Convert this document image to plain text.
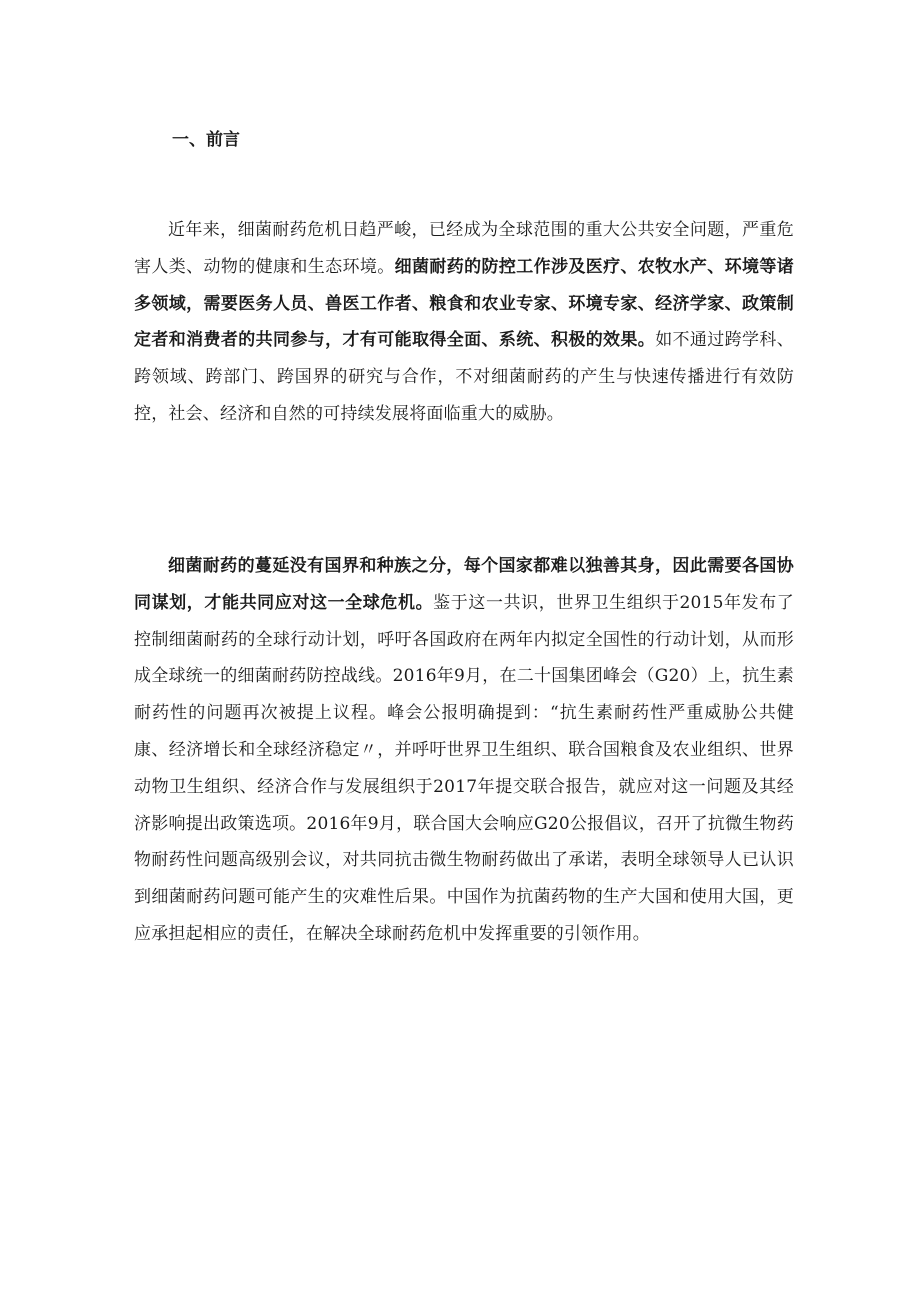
一、前言

近年来，细菌耐药危机日趋严峻，已经成为全球范围的重大公共安全问题，严重危害人类、动物的健康和生态环境。细菌耐药的防控工作涉及医疗、农牧水产、环境等诸多领域，需要医务人员、兽医工作者、粮食和农业专家、环境专家、经济学家、政策制定者和消费者的共同参与，才有可能取得全面、系统、积极的效果。如不通过跨学科、跨领域、跨部门、跨国界的研究与合作，不对细菌耐药的产生与快速传播进行有效防控，社会、经济和自然的可持续发展将面临重大的威胁。

细菌耐药的蔓延没有国界和种族之分，每个国家都难以独善其身，因此需要各国协同谋划，才能共同应对这一全球危机。鉴于这一共识，世界卫生组织于2015年发布了控制细菌耐药的全球行动计划，呼吁各国政府在两年内拟定全国性的行动计划，从而形成全球统一的细菌耐药防控战线。2016年9月，在二十国集团峰会（G20）上，抗生素耐药性的问题再次被提上议程。峰会公报明确提到：“抗生素耐药性严重威胁公共健康、经济增长和全球经济稳定〃，并呼吁世界卫生组织、联合国粮食及农业组织、世界动物卫生组织、经济合作与发展组织于2017年提交联合报告，就应对这一问题及其经济影响提出政策选项。2016年9月，联合国大会响应G20公报倡议，召开了抗微生物药物耐药性问题高级别会议，对共同抗击微生物耐药做出了承诺，表明全球领导人已认识到细菌耐药问题可能产生的灾难性后果。中国作为抗菌药物的生产大国和使用大国，更应承担起相应的责任，在解决全球耐药危机中发挥重要的引领作用。
